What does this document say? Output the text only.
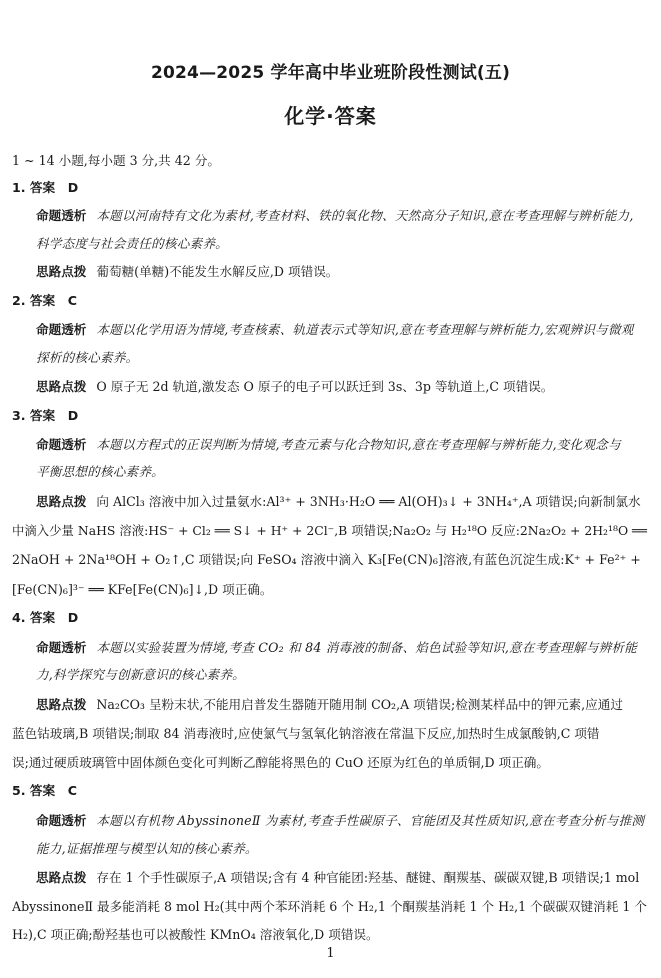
2024—2025 学年高中毕业班阶段性测试(五)
化学·答案
1 ~ 14 小题,每小题 3 分,共 42 分。
1. 答案　D
命题透析 本题以河南特有文化为素材,考查材料、铁的氧化物、天然高分子知识,意在考查理解与辨析能力,
科学态度与社会责任的核心素养。
思路点拨 葡萄糖(单糖)不能发生水解反应,D 项错误。
2. 答案　C
命题透析 本题以化学用语为情境,考查核素、轨道表示式等知识,意在考查理解与辨析能力,宏观辨识与微观
探析的核心素养。
思路点拨 O 原子无 2d 轨道,激发态 O 原子的电子可以跃迁到 3s、3p 等轨道上,C 项错误。
3. 答案　D
命题透析 本题以方程式的正误判断为情境,考查元素与化合物知识,意在考查理解与辨析能力,变化观念与
平衡思想的核心素养。
思路点拨 向 AlCl₃ 溶液中加入过量氨水:Al³⁺ + 3NH₃·H₂O ══ Al(OH)₃↓ + 3NH₄⁺,A 项错误;向新制氯水
中滴入少量 NaHS 溶液:HS⁻ + Cl₂ ══ S↓ + H⁺ + 2Cl⁻,B 项错误;Na₂O₂ 与 H₂¹⁸O 反应:2Na₂O₂ + 2H₂¹⁸O ══
2NaOH + 2Na¹⁸OH + O₂↑,C 项错误;向 FeSO₄ 溶液中滴入 K₃[Fe(CN)₆]溶液,有蓝色沉淀生成:K⁺ + Fe²⁺ +
[Fe(CN)₆]³⁻ ══ KFe[Fe(CN)₆]↓,D 项正确。
4. 答案　D
命题透析 本题以实验装置为情境,考查 CO₂ 和 84 消毒液的制备、焰色试验等知识,意在考查理解与辨析能
力,科学探究与创新意识的核心素养。
思路点拨 Na₂CO₃ 呈粉末状,不能用启普发生器随开随用制 CO₂,A 项错误;检测某样品中的钾元素,应通过
蓝色钴玻璃,B 项错误;制取 84 消毒液时,应使氯气与氢氧化钠溶液在常温下反应,加热时生成氯酸钠,C 项错
误;通过硬质玻璃管中固体颜色变化可判断乙醇能将黑色的 CuO 还原为红色的单质铜,D 项正确。
5. 答案　C
命题透析 本题以有机物 AbyssinoneⅡ 为素材,考查手性碳原子、官能团及其性质知识,意在考查分析与推测
能力,证据推理与模型认知的核心素养。
思路点拨 存在 1 个手性碳原子,A 项错误;含有 4 种官能团:羟基、醚键、酮羰基、碳碳双键,B 项错误;1 mol
AbyssinoneⅡ 最多能消耗 8 mol H₂(其中两个苯环消耗 6 个 H₂,1 个酮羰基消耗 1 个 H₂,1 个碳碳双键消耗 1 个
H₂),C 项正确;酚羟基也可以被酸性 KMnO₄ 溶液氧化,D 项错误。
1
